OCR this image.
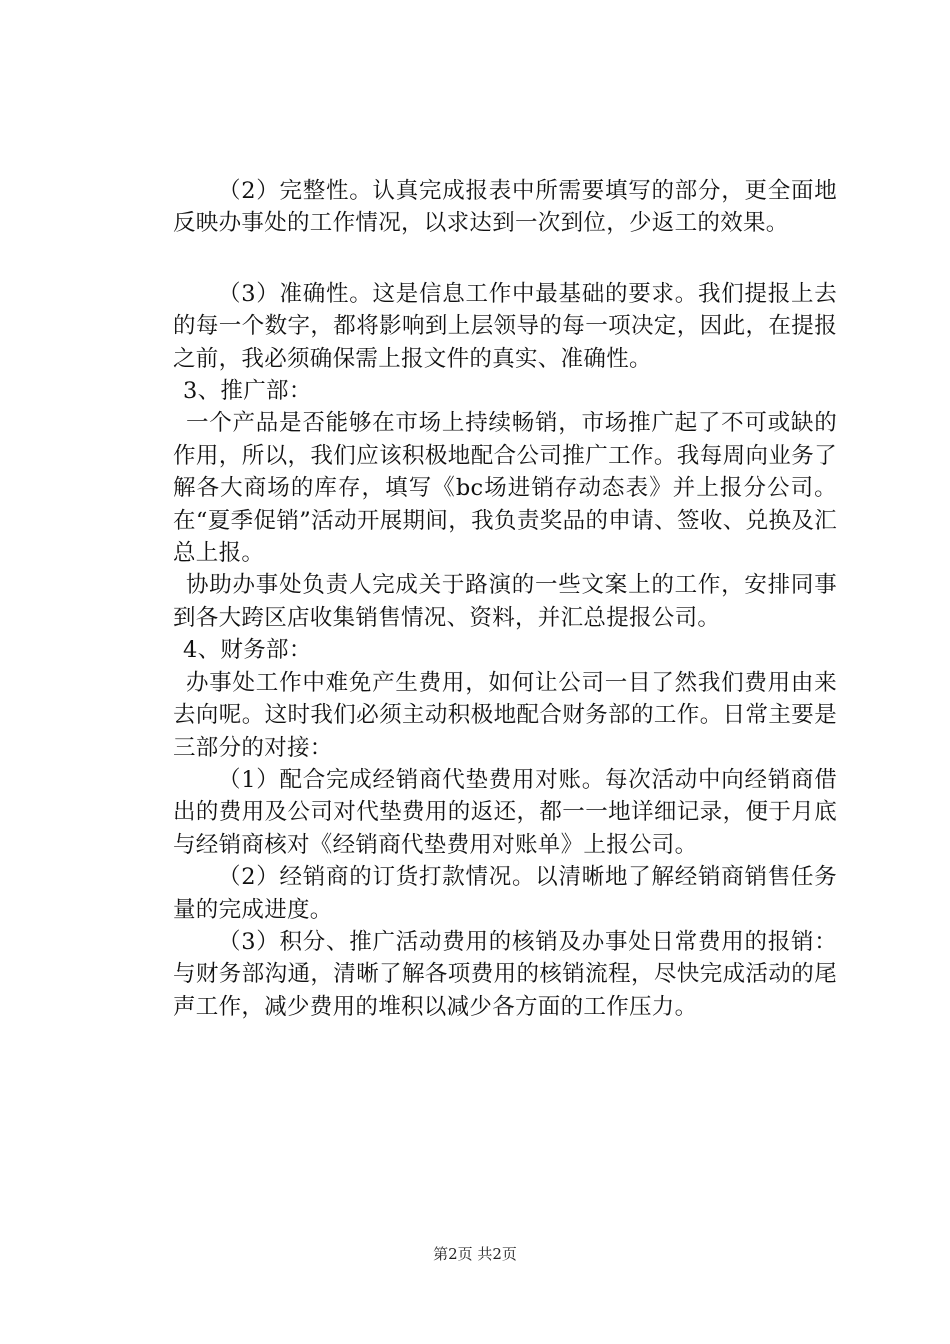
（2）完整性。认真完成报表中所需要填写的部分，更全面地反映办事处的工作情况，以求达到一次到位，少返工的效果。

（3）准确性。这是信息工作中最基础的要求。我们提报上去的每一个数字，都将影响到上层领导的每一项决定，因此，在提报之前，我必须确保需上报文件的真实、准确性。

3、推广部：

一个产品是否能够在市场上持续畅销，市场推广起了不可或缺的作用，所以，我们应该积极地配合公司推广工作。我每周向业务了解各大商场的库存，填写《bc场进销存动态表》并上报分公司。在“夏季促销”活动开展期间，我负责奖品的申请、签收、兑换及汇总上报。

协助办事处负责人完成关于路演的一些文案上的工作，安排同事到各大跨区店收集销售情况、资料，并汇总提报公司。

4、财务部：

办事处工作中难免产生费用，如何让公司一目了然我们费用由来去向呢。这时我们必须主动积极地配合财务部的工作。日常主要是三部分的对接：

（1）配合完成经销商代垫费用对账。每次活动中向经销商借出的费用及公司对代垫费用的返还，都一一地详细记录，便于月底与经销商核对《经销商代垫费用对账单》上报公司。

（2）经销商的订货打款情况。以清晰地了解经销商销售任务量的完成进度。

（3）积分、推广活动费用的核销及办事处日常费用的报销：与财务部沟通，清晰了解各项费用的核销流程，尽快完成活动的尾声工作，减少费用的堆积以减少各方面的工作压力。

第2页 共2页
